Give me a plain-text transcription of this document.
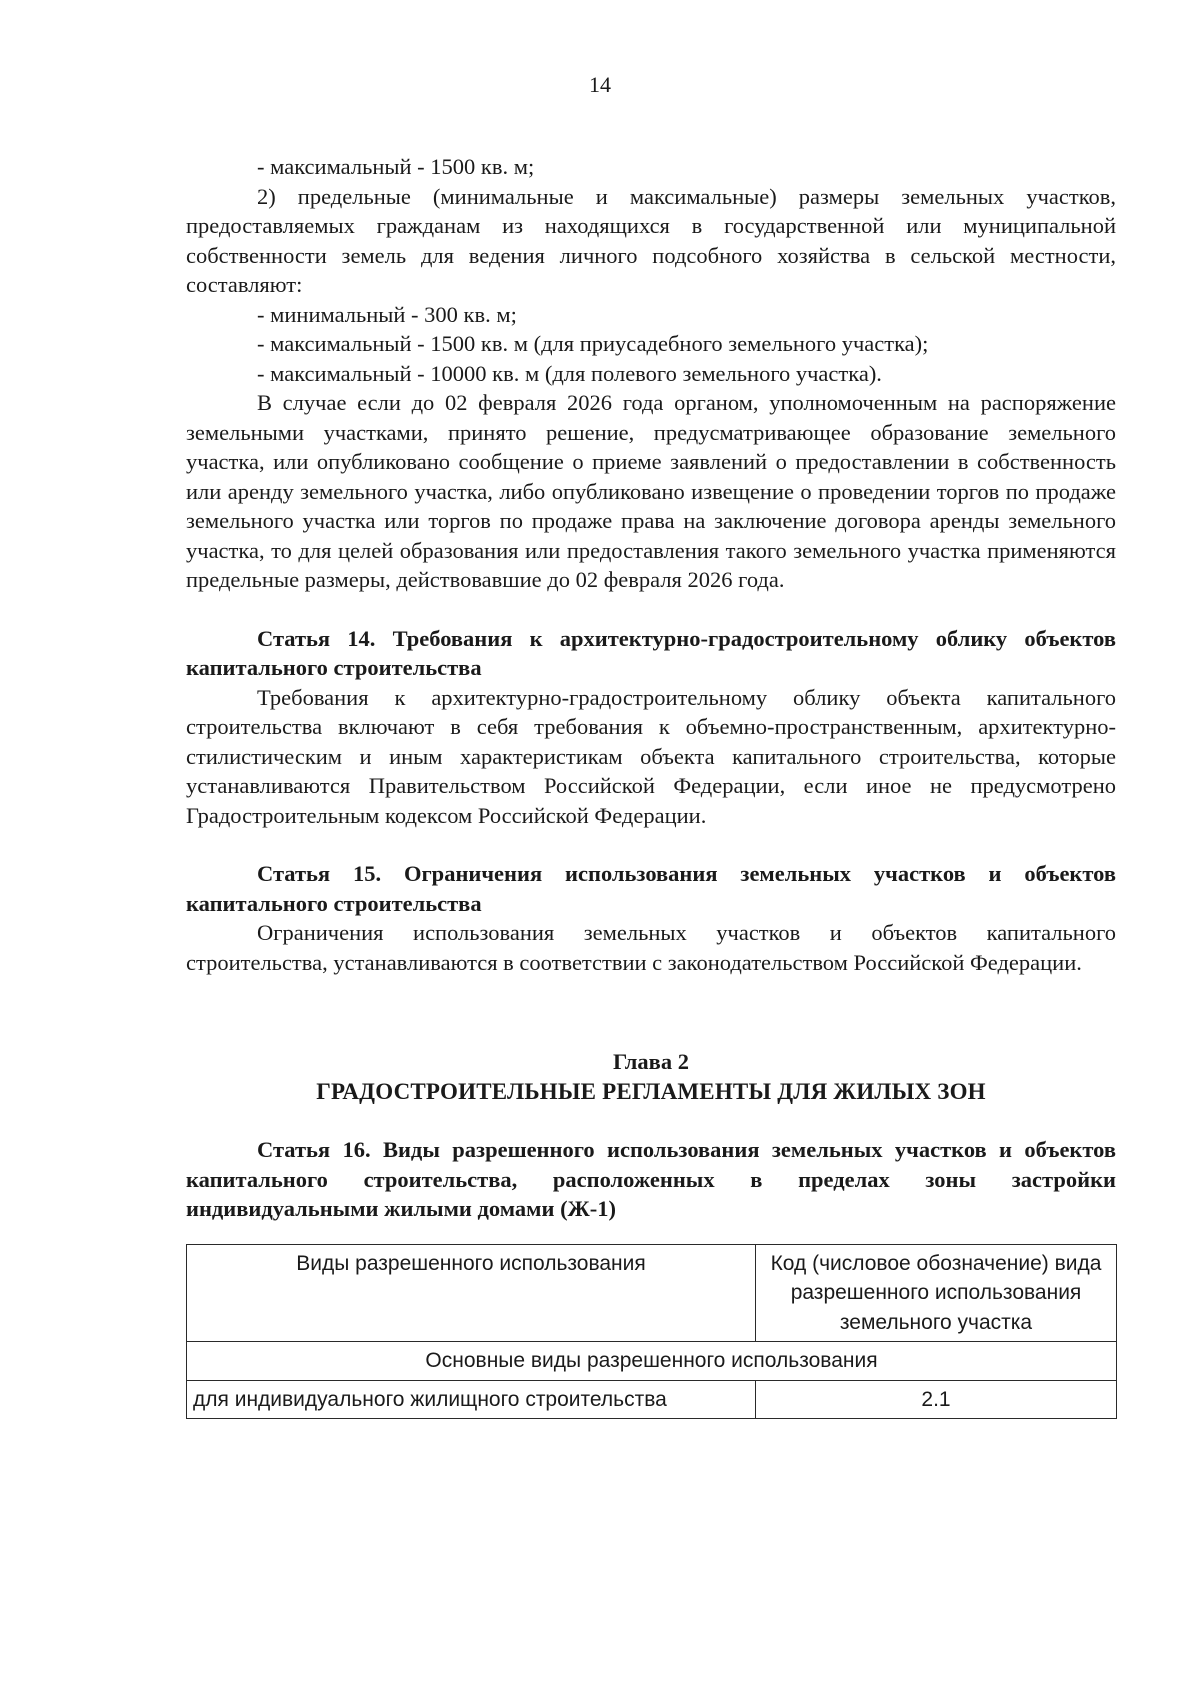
14

- максимальный - 1500 кв. м;

2) предельные (минимальные и максимальные) размеры земельных участков, предоставляемых гражданам из находящихся в государственной или муниципальной собственности земель для ведения личного подсобного хозяйства в сельской местности, составляют:

- минимальный - 300 кв. м;

- максимальный - 1500 кв. м (для приусадебного земельного участка);

- максимальный - 10000 кв. м (для полевого земельного участка).

В случае если до 02 февраля 2026 года органом, уполномоченным на распоряжение земельными участками, принято решение, предусматривающее образование земельного участка, или опубликовано сообщение о приеме заявлений о предоставлении в собственность или аренду земельного участка, либо опубликовано извещение о проведении торгов по продаже земельного участка или торгов по продаже права на заключение договора аренды земельного участка, то для целей образования или предоставления такого земельного участка применяются предельные размеры, действовавшие до 02 февраля 2026 года.

Статья 14. Требования к архитектурно-градостроительному облику объектов капитального строительства

Требования к архитектурно-градостроительному облику объекта капитального строительства включают в себя требования к объемно-пространственным, архитектурно-стилистическим и иным характеристикам объекта капитального строительства, которые устанавливаются Правительством Российской Федерации, если иное не предусмотрено Градостроительным кодексом Российской Федерации.

Статья 15. Ограничения использования земельных участков и объектов капитального строительства

Ограничения использования земельных участков и объектов капитального строительства, устанавливаются в соответствии с законодательством Российской Федерации.

Глава 2
ГРАДОСТРОИТЕЛЬНЫЕ РЕГЛАМЕНТЫ ДЛЯ ЖИЛЫХ ЗОН
Статья 16. Виды разрешенного использования земельных участков и объектов капитального строительства, расположенных в пределах зоны застройки индивидуальными жилыми домами (Ж-1)
Виды разрешенного использования	Код (числовое обозначение) вида разрешенного использования земельного участка
Основные виды разрешенного использования	
для индивидуального жилищного строительства	2.1
